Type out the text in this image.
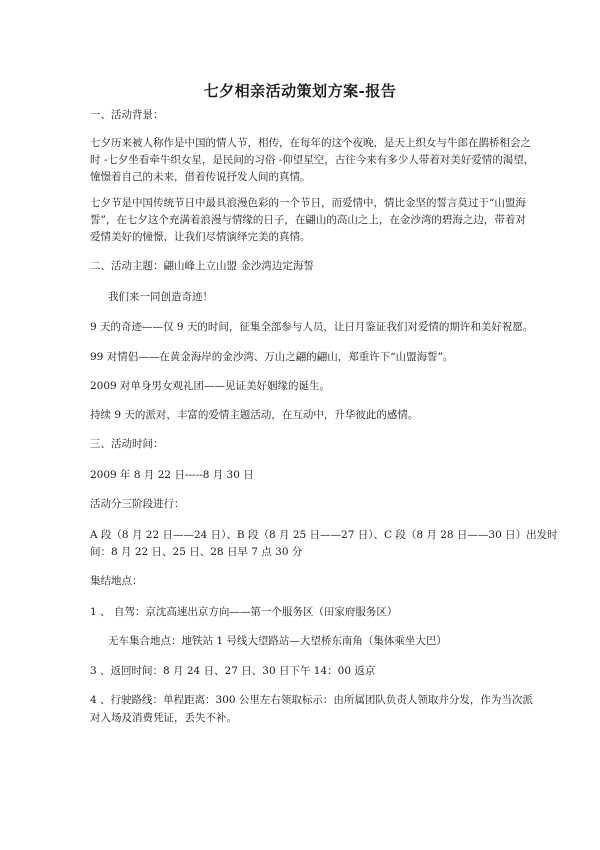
七夕相亲活动策划方案-报告
一、活动背景：
七夕历来被人称作是中国的情人节，相传，在每年的这个夜晚，是天上织女与牛郎在鹊桥相会之
时 -七夕坐看牵牛织女星，是民间的习俗 -仰望星空，古往今来有多少人带着对美好爱情的渴望，
憧憬着自己的未来，借着传说抒发人间的真情。
七夕节是中国传统节日中最具浪漫色彩的一个节日，而爱情中，情比金坚的誓言莫过于“山盟海
誓”，在七夕这个充满着浪漫与情缘的日子，在翩山的高山之上，在金沙湾的碧海之边，带着对
爱情美好的憧憬，让我们尽情演绎完美的真情。
二、活动主题：翩山峰上立山盟 金沙湾边定海誓
我们来一同创造奇迹！
9 天的奇迹——仅 9 天的时间，征集全部参与人员，让日月鉴证我们对爱情的期许和美好祝愿。
99 对情侣——在黄金海岸的金沙湾、万山之翩的翩山，郑重许下“山盟海誓”。
2009 对单身男女观礼团——见证美好姻缘的诞生。
持续 9 天的派对，丰富的爱情主题活动，在互动中，升华彼此的感情。
三、活动时间：
2009 年 8 月 22 日-----8 月 30 日
活动分三阶段进行：
A 段（8 月 22 日——24 日）、B 段（8 月 25 日——27 日）、C 段（8 月 28 日——30 日）出发时
间：8 月 22 日、25 日、28 日早 7 点 30 分
集结地点：
1 、 自驾：京沈高速出京方向——第一个服务区（田家府服务区）
无车集合地点：地铁站 1 号线大望路站—大望桥东南角（集体乘坐大巴）
3 、返回时间：8 月 24 日、27 日、30 日下午 14：00 返京
4 、行驶路线：单程距离：300 公里左右领取标示：由所属团队负责人领取并分发，作为当次派
对入场及消费凭证，丢失不补。
